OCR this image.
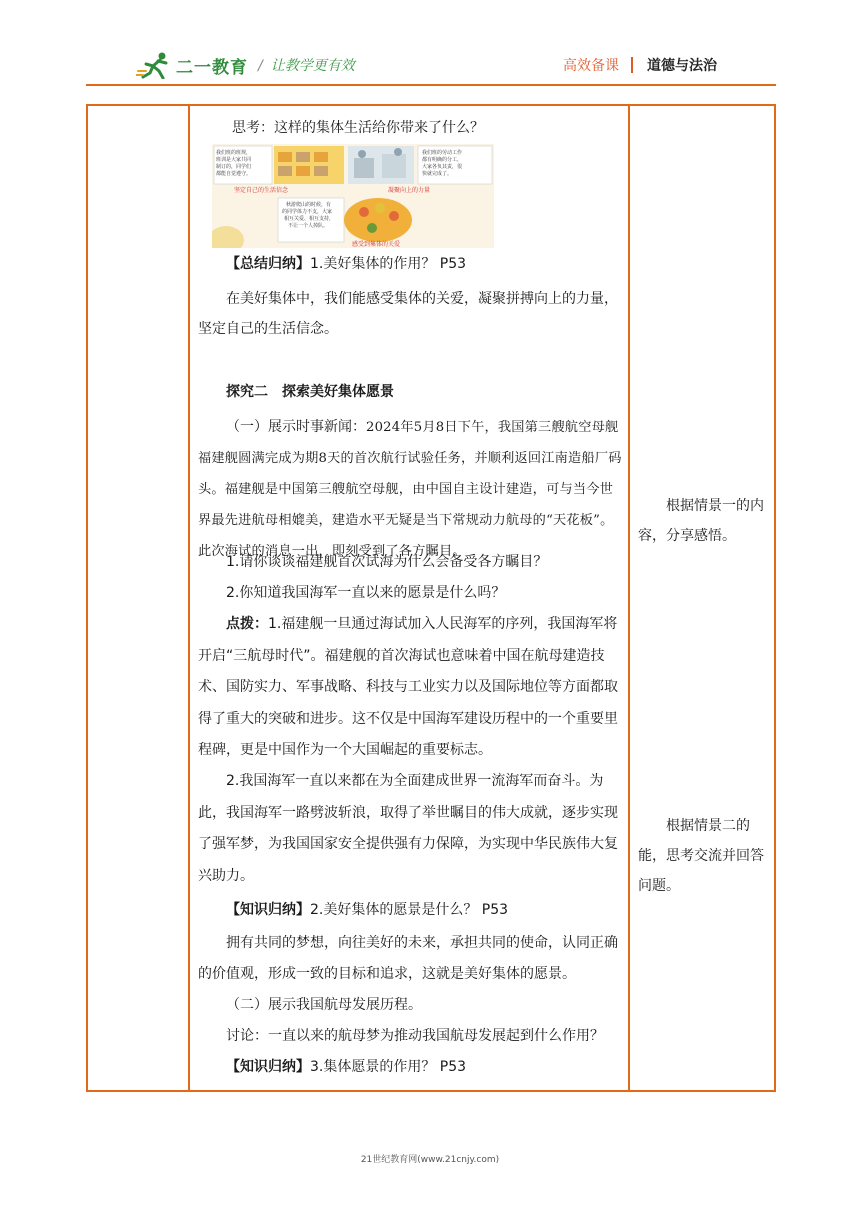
二一教育 / 让教学更有效	高效备课 道德与法治
思考：这样的集体生活给你带来了什么？
我们班的班规，
班训是大家共同
制订的，同学们
都能自觉遵守。
我们班的劳动工作
都有明确的分工，
大家各负其责，很
快就完成了。
坚定自己的生活信念	凝聚向上的力量
秋游爬山的时候，有
的同学体力不支，大家
相互关爱、相互支持，
不让一个人掉队。
感受到集体的关爱
【总结归纳】1.美好集体的作用？ P53
在美好集体中，我们能感受集体的关爱，凝聚拼搏向上的力量，坚定自己的生活信念。
探究二　探索美好集体愿景
（一）展示时事新闻：2024年5月8日下午，我国第三艘航空母舰福建舰圆满完成为期8天的首次航行试验任务，并顺利返回江南造船厂码头。福建舰是中国第三艘航空母舰，由中国自主设计建造，可与当今世界最先进航母相媲美，建造水平无疑是当下常规动力航母的“天花板”。此次海试的消息一出，即刻受到了各方瞩目。
1.请你谈谈福建舰首次试海为什么会备受各方瞩目？
2.你知道我国海军一直以来的愿景是什么吗？
点拨：1.福建舰一旦通过海试加入人民海军的序列，我国海军将开启“三航母时代”。福建舰的首次海试也意味着中国在航母建造技术、国防实力、军事战略、科技与工业实力以及国际地位等方面都取得了重大的突破和进步。这不仅是中国海军建设历程中的一个重要里程碑，更是中国作为一个大国崛起的重要标志。
2.我国海军一直以来都在为全面建成世界一流海军而奋斗。为此，我国海军一路劈波斩浪，取得了举世瞩目的伟大成就，逐步实现了强军梦，为我国国家安全提供强有力保障，为实现中华民族伟大复兴助力。
【知识归纳】2.美好集体的愿景是什么？ P53
拥有共同的梦想，向往美好的未来，承担共同的使命，认同正确的价值观，形成一致的目标和追求，这就是美好集体的愿景。
（二）展示我国航母发展历程。
讨论：一直以来的航母梦为推动我国航母发展起到什么作用？
【知识归纳】3.集体愿景的作用？ P53
根据情景一的内容，分享感悟。
根据情景二的能，思考交流并回答问题。
21世纪教育网(www.21cnjy.com)
